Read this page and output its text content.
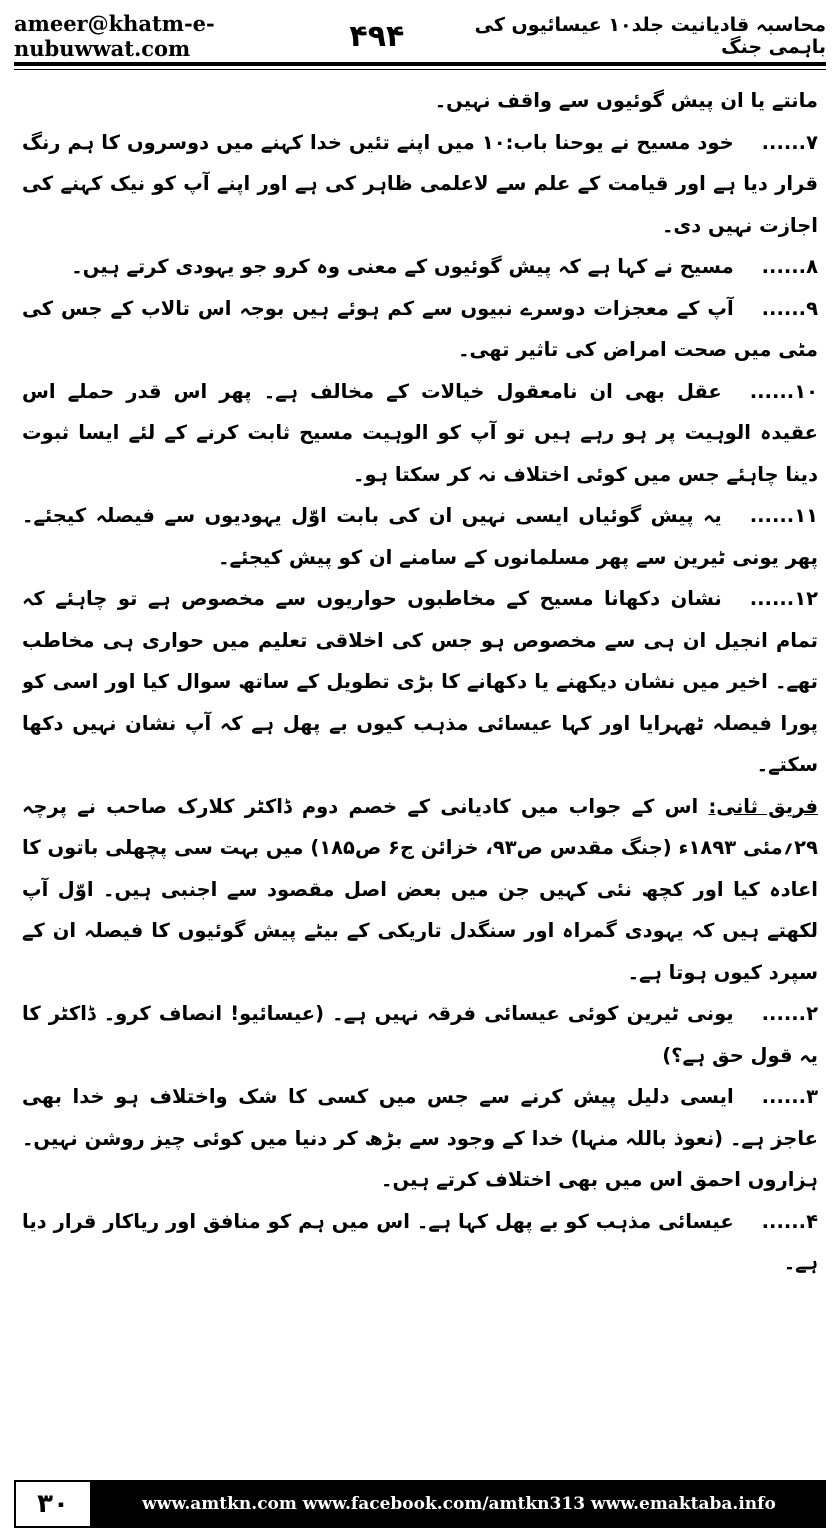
ameer@khatm-e-nubuwwat.com
محاسبہ قادیانیت جلد۱۰ عیسائیوں کی باہمی جنگ
۴۹۴

مانتے یا ان پیش گوئیوں سے واقف نہیں۔

۷......خود مسیح نے یوحنا باب:۱۰ میں اپنے تئیں خدا کہنے میں دوسروں کا ہم رنگ قرار دیا ہے اور قیامت کے علم سے لاعلمی ظاہر کی ہے اور اپنے آپ کو نیک کہنے کی اجازت نہیں دی۔

۸......مسیح نے کہا ہے کہ پیش گوئیوں کے معنی وہ کرو جو یہودی کرتے ہیں۔

۹......آپ کے معجزات دوسرے نبیوں سے کم ہوئے ہیں بوجہ اس تالاب کے جس کی مٹی میں صحت امراض کی تاثیر تھی۔

۱۰......عقل بھی ان نامعقول خیالات کے مخالف ہے۔ پھر اس قدر حملے اس عقیدہ الوہیت پر ہو رہے ہیں تو آپ کو الوہیت مسیح ثابت کرنے کے لئے ایسا ثبوت دینا چاہئے جس میں کوئی اختلاف نہ کر سکتا ہو۔

۱۱......یہ پیش گوئیاں ایسی نہیں ان کی بابت اوّل یہودیوں سے فیصلہ کیجئے۔ پھر یونی ٹیرین سے پھر مسلمانوں کے سامنے ان کو پیش کیجئے۔

۱۲......نشان دکھانا مسیح کے مخاطبوں حواریوں سے مخصوص ہے تو چاہئے کہ تمام انجیل ان ہی سے مخصوص ہو جس کی اخلاقی تعلیم میں حواری ہی مخاطب تھے۔ اخیر میں نشان دیکھنے یا دکھانے کا بڑی تطویل کے ساتھ سوال کیا اور اسی کو پورا فیصلہ ٹھہرایا اور کہا عیسائی مذہب کیوں بے پھل ہے کہ آپ نشان نہیں دکھا سکتے۔

فریق ثانی: اس کے جواب میں کادیانی کے خصم دوم ڈاکٹر کلارک صاحب نے پرچہ ۲۹؍مئی ۱۸۹۳ء (جنگ مقدس ص۹۳، خزائن ج۶ ص۱۸۵) میں بہت سی پچھلی باتوں کا اعادہ کیا اور کچھ نئی کہیں جن میں بعض اصل مقصود سے اجنبی ہیں۔ اوّل آپ لکھتے ہیں کہ یہودی گمراہ اور سنگدل تاریکی کے بیٹے پیش گوئیوں کا فیصلہ ان کے سپرد کیوں ہوتا ہے۔

۲......یونی ٹیرین کوئی عیسائی فرقہ نہیں ہے۔ (عیسائیو! انصاف کرو۔ ڈاکٹر کا یہ قول حق ہے؟)

۳......ایسی دلیل پیش کرنے سے جس میں کسی کا شک واختلاف ہو خدا بھی عاجز ہے۔ (نعوذ باللہ منہا) خدا کے وجود سے بڑھ کر دنیا میں کوئی چیز روشن نہیں۔ ہزاروں احمق اس میں بھی اختلاف کرتے ہیں۔

۴......عیسائی مذہب کو بے پھل کہا ہے۔ اس میں ہم کو منافق اور ریاکار قرار دیا ہے۔

۳۰	www.amtkn.com www.facebook.com/amtkn313 www.emaktaba.info
